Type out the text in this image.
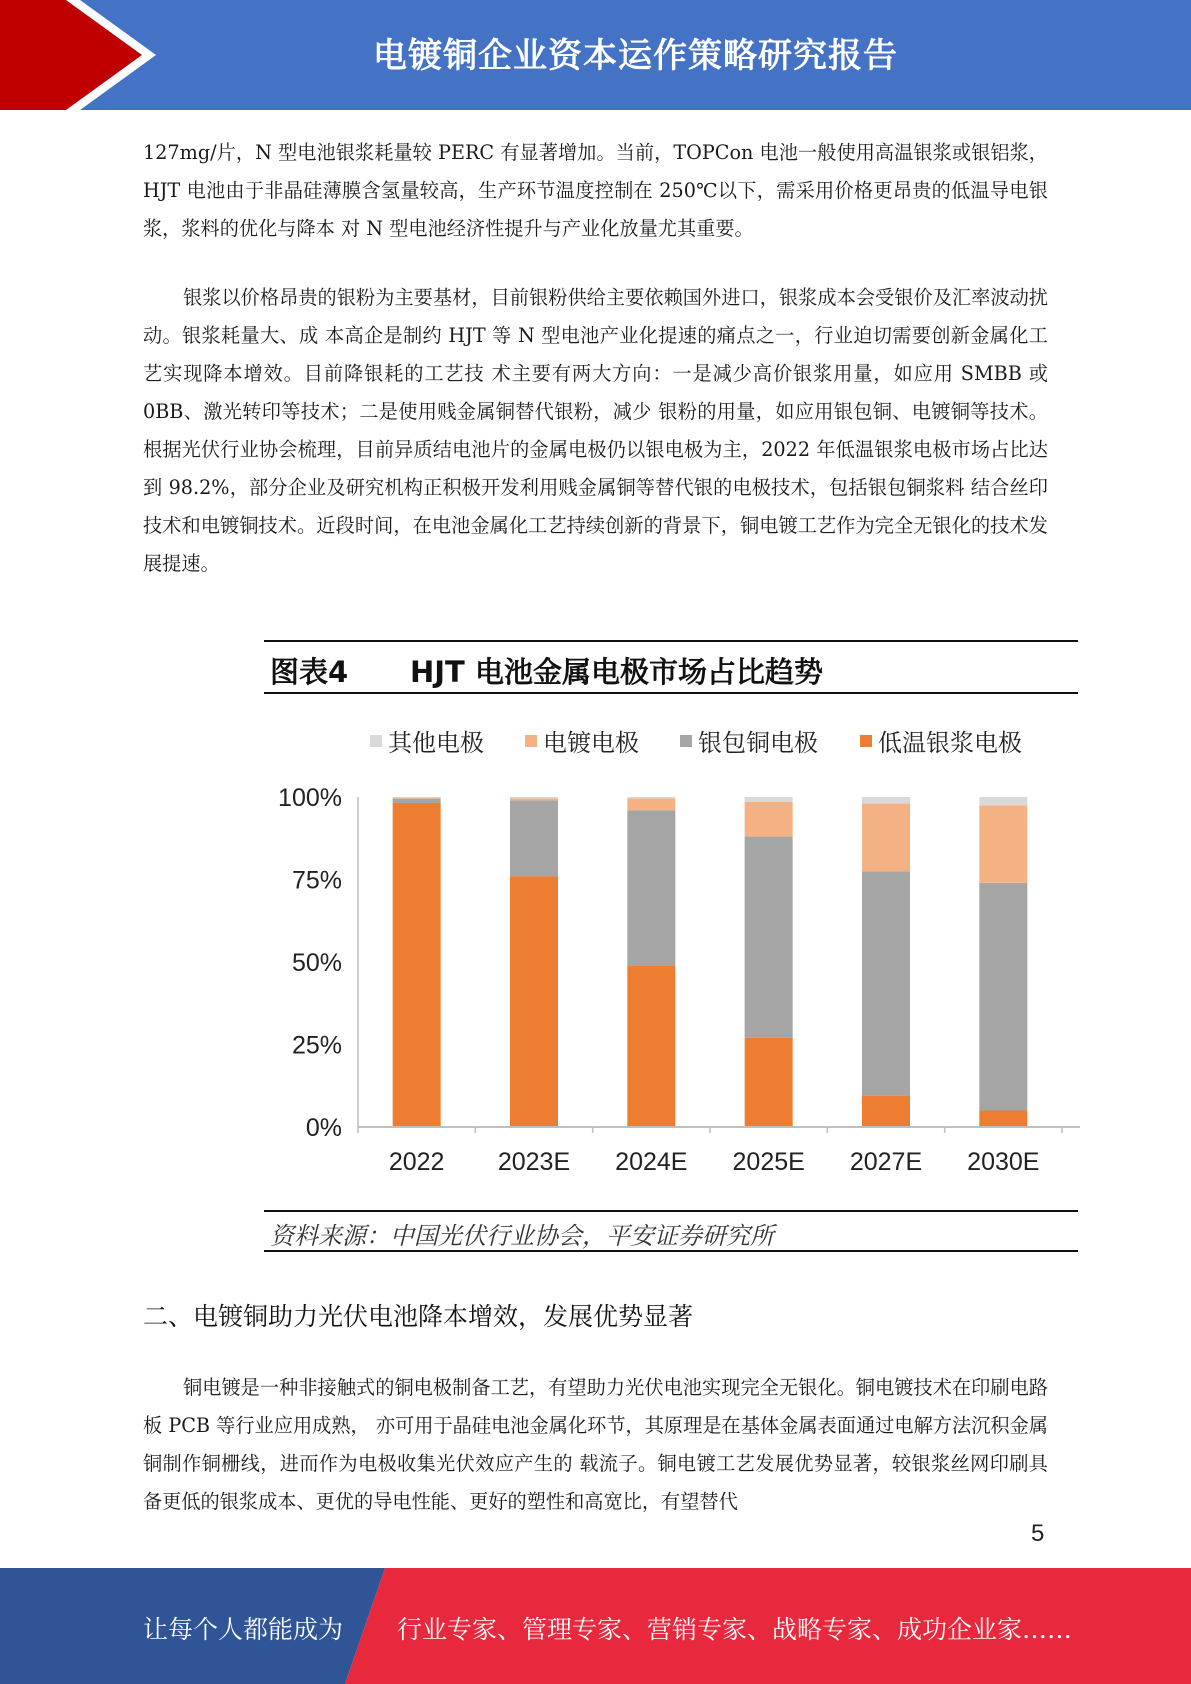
电镀铜企业资本运作策略研究报告

127mg/片，N 型电池银浆耗量较 PERC 有显著增加。当前，TOPCon 电池一般使用高温银浆或银铝浆，HJT 电池由于非晶硅薄膜含氢量较高，生产环节温度控制在 250℃以下，需采用价格更昂贵的低温导电银浆，浆料的优化与降本 对 N 型电池经济性提升与产业化放量尤其重要。

银浆以价格昂贵的银粉为主要基材，目前银粉供给主要依赖国外进口，银浆成本会受银价及汇率波动扰动。银浆耗量大、成 本高企是制约 HJT 等 N 型电池产业化提速的痛点之一，行业迫切需要创新金属化工艺实现降本增效。目前降银耗的工艺技 术主要有两大方向：一是减少高价银浆用量，如应用 SMBB 或 0BB、激光转印等技术；二是使用贱金属铜替代银粉，减少 银粉的用量，如应用银包铜、电镀铜等技术。根据光伏行业协会梳理，目前异质结电池片的金属电极仍以银电极为主，2022 年低温银浆电极市场占比达到 98.2%，部分企业及研究机构正积极开发利用贱金属铜等替代银的电极技术，包括银包铜浆料 结合丝印技术和电镀铜技术。近段时间，在电池金属化工艺持续创新的背景下，铜电镀工艺作为完全无银化的技术发展提速。

图表4 HJT 电池金属电极市场占比趋势
其他电极 电镀电极 银包铜电极	低温银浆电极
0%
25%
50%
75%
100%
2022 2023E 2024E 2025E 2027E 2030E
资料来源：中国光伏行业协会，平安证券研究所
二、电镀铜助力光伏电池降本增效，发展优势显著

铜电镀是一种非接触式的铜电极制备工艺，有望助力光伏电池实现完全无银化。铜电镀技术在印刷电路板 PCB 等行业应用成熟， 亦可用于晶硅电池金属化环节，其原理是在基体金属表面通过电解方法沉积金属铜制作铜栅线，进而作为电极收集光伏效应产生的 载流子。铜电镀工艺发展优势显著，较银浆丝网印刷具备更低的银浆成本、更优的导电性能、更好的塑性和高宽比，有望替代

5
让每个人都能成为 行业专家、管理专家、营销专家、战略专家、成功企业家……
